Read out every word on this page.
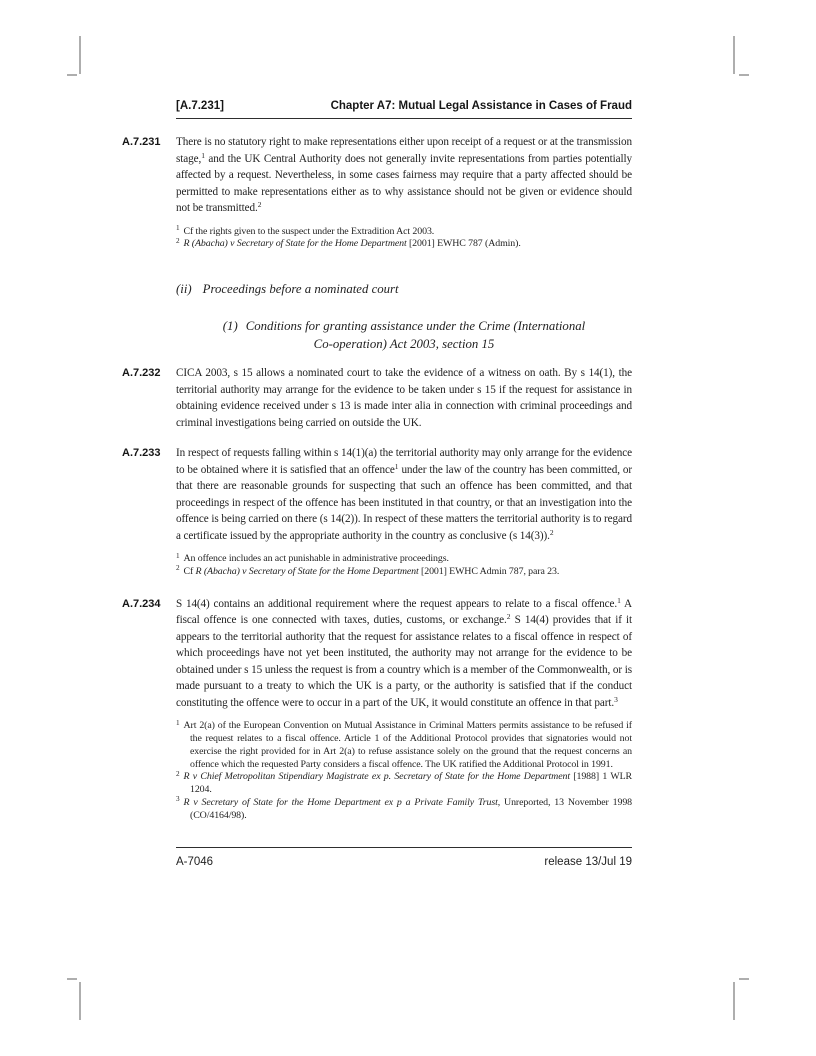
[A.7.231]	Chapter A7: Mutual Legal Assistance in Cases of Fraud
A.7.231 There is no statutory right to make representations either upon receipt of a request or at the transmission stage,$^1$ and the UK Central Authority does not generally invite representations from parties potentially affected by a request. Nevertheless, in some cases fairness may require that a party affected should be permitted to make representations either as to why assistance should not be given or evidence should not be transmitted.$^2$

$^1$ Cf the rights given to the suspect under the Extradition Act 2003.
$^2$ R (Abacha) v Secretary of State for the Home Department [2001] EWHC 787 (Admin).
(ii) Proceedings before a nominated court
(1) Conditions for granting assistance under the Crime (International
Co-operation) Act 2003, section 15
A.7.232 CICA 2003, s 15 allows a nominated court to take the evidence of a witness on oath. By s 14(1), the territorial authority may arrange for the evidence to be taken under s 15 if the request for assistance in obtaining evidence received under s 13 is made inter alia in connection with criminal proceedings and criminal investigations being carried on outside the UK.

A.7.233 In respect of requests falling within s 14(1)(a) the territorial authority may only arrange for the evidence to be obtained where it is satisfied that an offence$^1$ under the law of the country has been committed, or that there are reasonable grounds for suspecting that such an offence has been committed, and that proceedings in respect of the offence has been instituted in that country, or that an investigation into the offence is being carried on there (s 14(2)). In respect of these matters the territorial authority is to regard a certificate issued by the appropriate authority in the country as conclusive (s 14(3)).$^2$

$^1$ An offence includes an act punishable in administrative proceedings.
$^2$ Cf R (Abacha) v Secretary of State for the Home Department [2001] EWHC Admin 787, para 23.
A.7.234 S 14(4) contains an additional requirement where the request appears to relate to a fiscal offence.$^1$ A fiscal offence is one connected with taxes, duties, customs, or exchange.$^2$ S 14(4) provides that if it appears to the territorial authority that the request for assistance relates to a fiscal offence in respect of which proceedings have not yet been instituted, the authority may not arrange for the evidence to be obtained under s 15 unless the request is from a country which is a member of the Commonwealth, or is made pursuant to a treaty to which the UK is a party, or the authority is satisfied that if the conduct constituting the offence were to occur in a part of the UK, it would constitute an offence in that part.$^3$

$^1$ Art 2(a) of the European Convention on Mutual Assistance in Criminal Matters permits assistance to be refused if the request relates to a fiscal offence. Article 1 of the Additional Protocol provides that signatories would not exercise the right provided for in Art 2(a) to refuse assistance solely on the ground that the request concerns an offence which the requested Party considers a fiscal offence. The UK ratified the Additional Protocol in 1991.
$^2$ R v Chief Metropolitan Stipendiary Magistrate ex p. Secretary of State for the Home Department [1988] 1 WLR 1204.
$^3$ R v Secretary of State for the Home Department ex p a Private Family Trust, Unreported, 13 November 1998 (CO/4164/98).
A-7046	release 13/Jul 19
